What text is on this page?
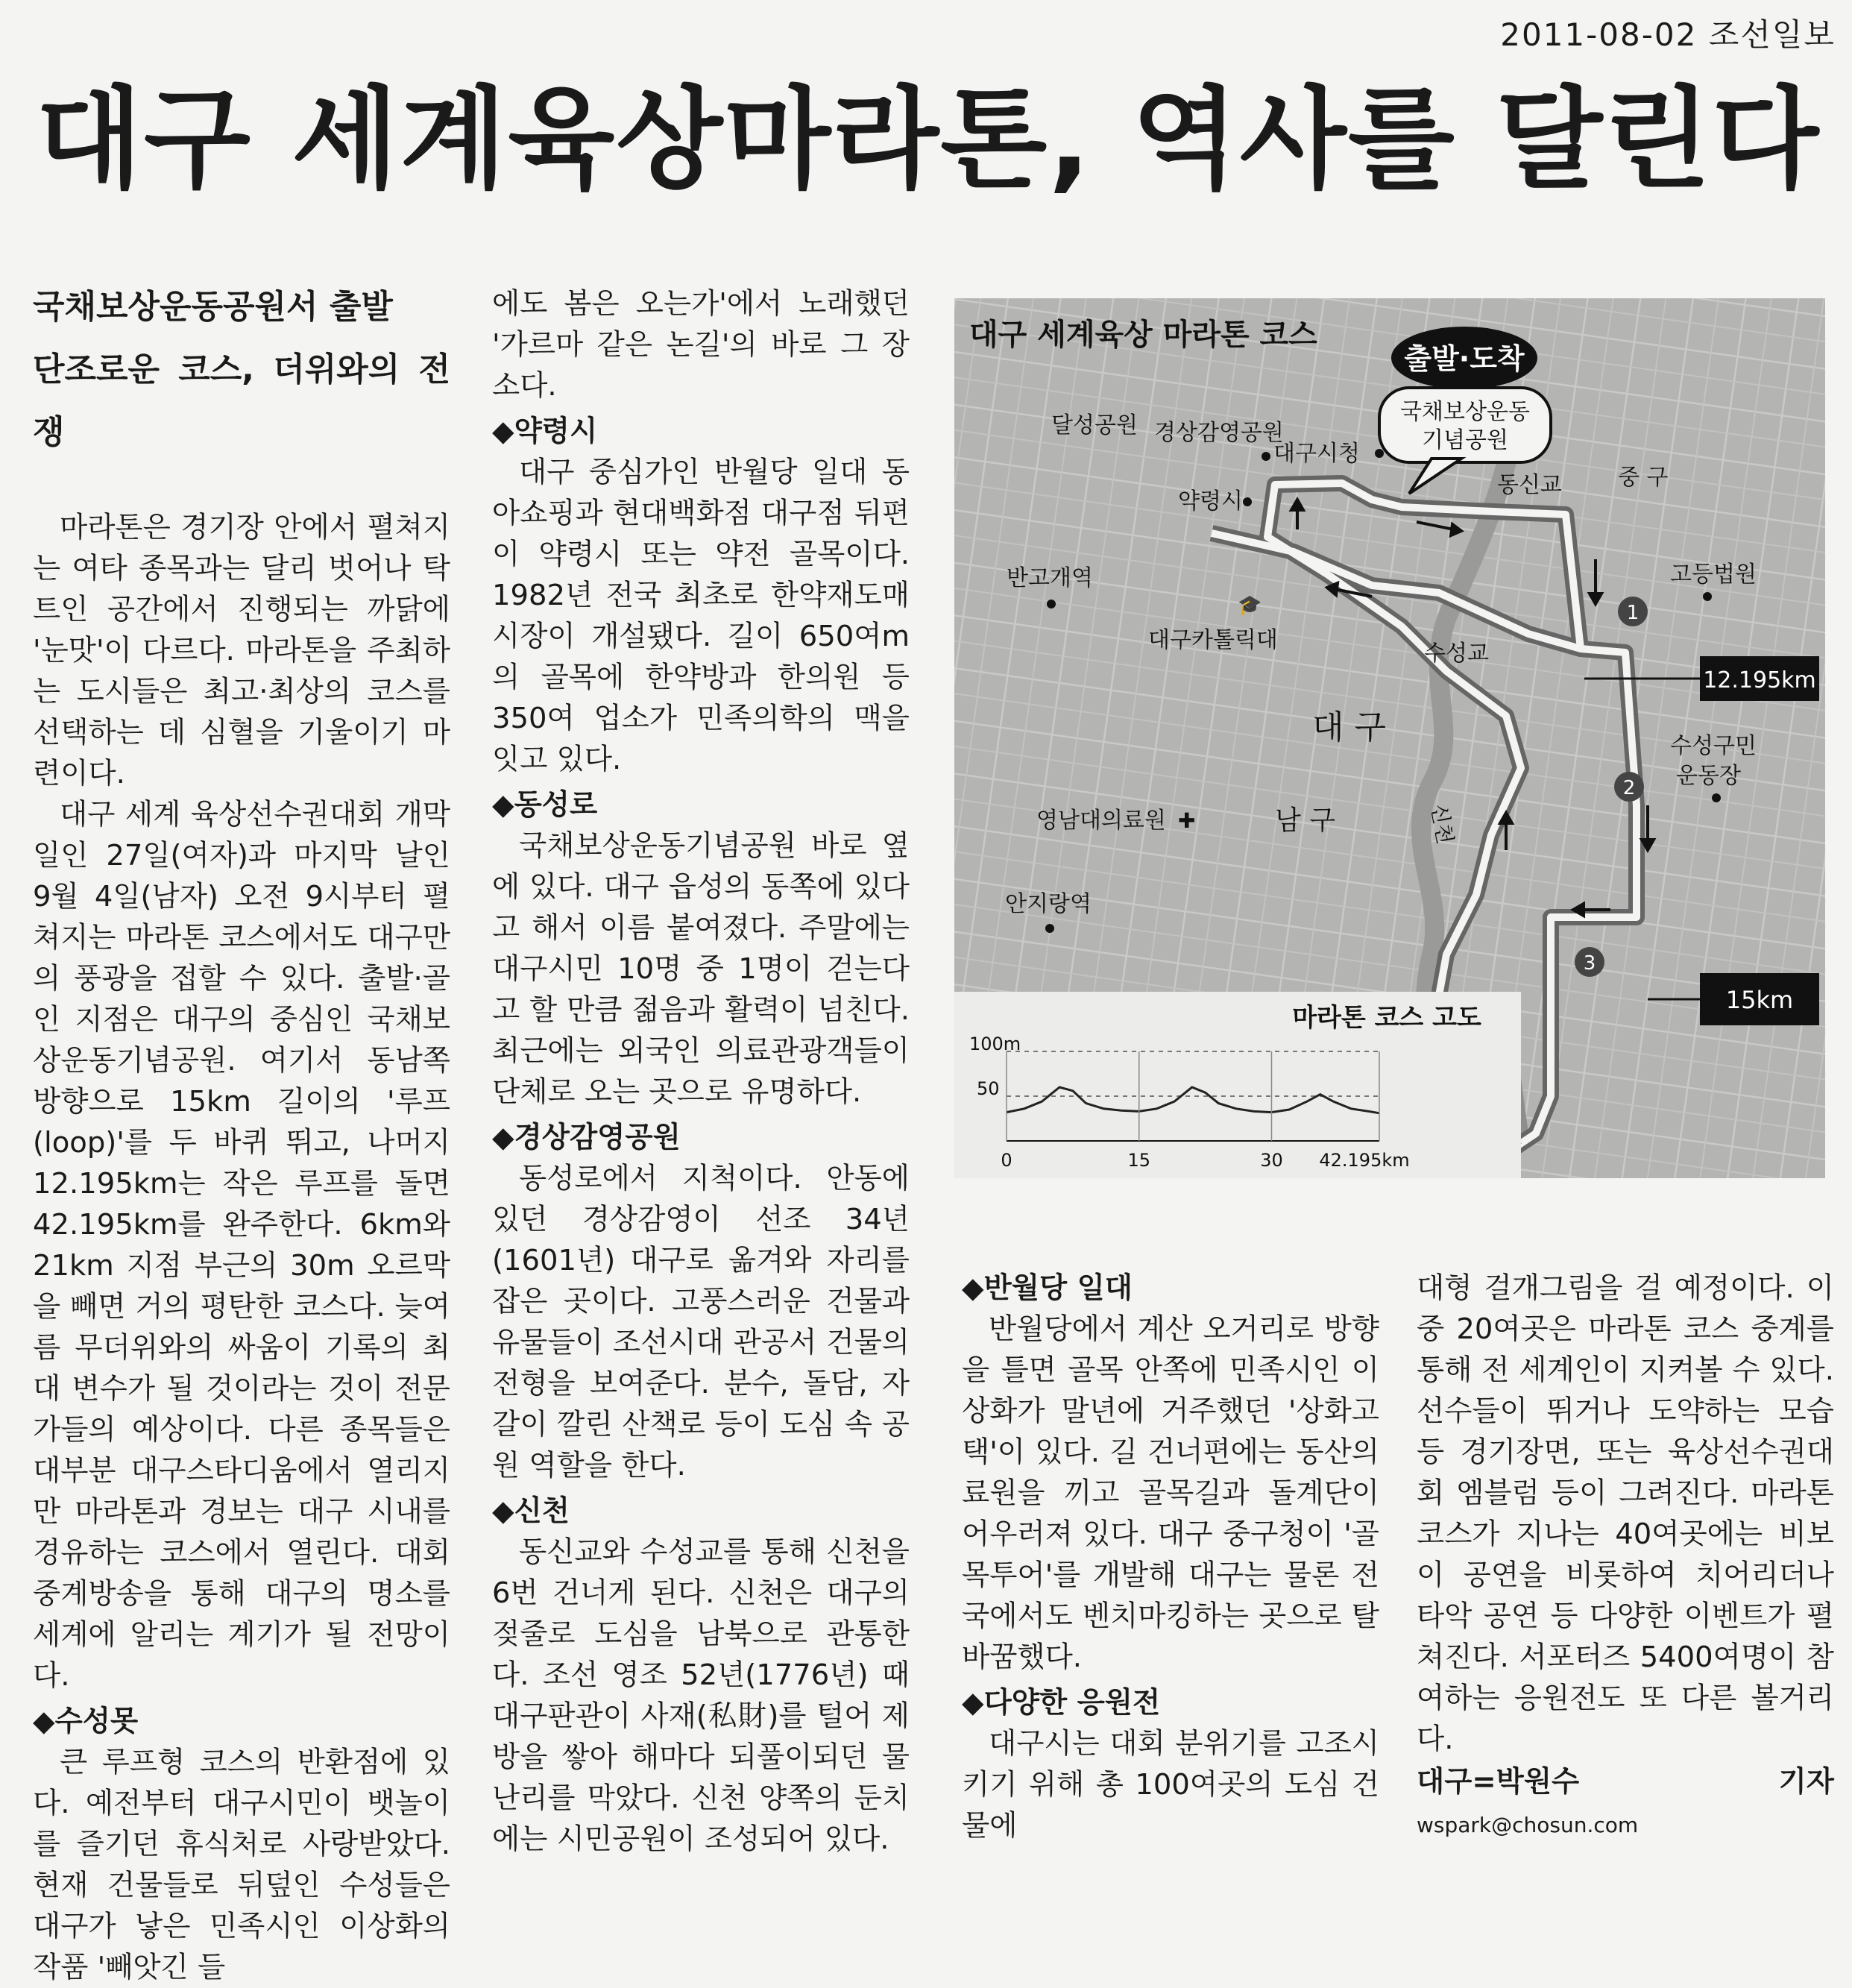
2011-08-02 조선일보
대구 세계육상마라톤, 역사를 달린다
국채보상운동공원서 출발
단조로운 코스, 더위와의 전쟁

마라톤은 경기장 안에서 펼쳐지는 여타 종목과는 달리 벗어나 탁 트인 공간에서 진행되는 까닭에 '눈맛'이 다르다. 마라톤을 주최하는 도시들은 최고·최상의 코스를 선택하는 데 심혈을 기울이기 마련이다.

대구 세계 육상선수권대회 개막일인 27일(여자)과 마지막 날인 9월 4일(남자) 오전 9시부터 펼쳐지는 마라톤 코스에서도 대구만의 풍광을 접할 수 있다. 출발·골인 지점은 대구의 중심인 국채보상운동기념공원. 여기서 동남쪽 방향으로 15km 길이의 '루프(loop)'를 두 바퀴 뛰고, 나머지 12.195km는 작은 루프를 돌면 42.195km를 완주한다. 6km와 21km 지점 부근의 30m 오르막을 빼면 거의 평탄한 코스다. 늦여름 무더위와의 싸움이 기록의 최대 변수가 될 것이라는 것이 전문가들의 예상이다. 다른 종목들은 대부분 대구스타디움에서 열리지만 마라톤과 경보는 대구 시내를 경유하는 코스에서 열린다. 대회 중계방송을 통해 대구의 명소를 세계에 알리는 계기가 될 전망이다.

◆수성못

큰 루프형 코스의 반환점에 있다. 예전부터 대구시민이 뱃놀이를 즐기던 휴식처로 사랑받았다. 현재 건물들로 뒤덮인 수성들은 대구가 낳은 민족시인 이상화의 작품 '빼앗긴 들

에도 봄은 오는가'에서 노래했던 '가르마 같은 논길'의 바로 그 장소다.

◆약령시

대구 중심가인 반월당 일대 동아쇼핑과 현대백화점 대구점 뒤편이 약령시 또는 약전 골목이다. 1982년 전국 최초로 한약재도매시장이 개설됐다. 길이 650여m의 골목에 한약방과 한의원 등 350여 업소가 민족의학의 맥을 잇고 있다.

◆동성로

국채보상운동기념공원 바로 옆에 있다. 대구 읍성의 동쪽에 있다고 해서 이름 붙여졌다. 주말에는 대구시민 10명 중 1명이 걷는다고 할 만큼 젊음과 활력이 넘친다. 최근에는 외국인 의료관광객들이 단체로 오는 곳으로 유명하다.

◆경상감영공원

동성로에서 지척이다. 안동에 있던 경상감영이 선조 34년(1601년) 대구로 옮겨와 자리를 잡은 곳이다. 고풍스러운 건물과 유물들이 조선시대 관공서 건물의 전형을 보여준다. 분수, 돌담, 자갈이 깔린 산책로 등이 도심 속 공원 역할을 한다.

◆신천

동신교와 수성교를 통해 신천을 6번 건너게 된다. 신천은 대구의 젖줄로 도심을 남북으로 관통한다. 조선 영조 52년(1776년) 때 대구판관이 사재(私財)를 털어 제방을 쌓아 해마다 되풀이되던 물난리를 막았다. 신천 양쪽의 둔치에는 시민공원이 조성되어 있다.

◆반월당 일대

반월당에서 계산 오거리로 방향을 틀면 골목 안쪽에 민족시인 이상화가 말년에 거주했던 '상화고택'이 있다. 길 건너편에는 동산의료원을 끼고 골목길과 돌계단이 어우러져 있다. 대구 중구청이 '골목투어'를 개발해 대구는 물론 전국에서도 벤치마킹하는 곳으로 탈바꿈했다.

◆다양한 응원전

대구시는 대회 분위기를 고조시키기 위해 총 100여곳의 도심 건물에

대형 걸개그림을 걸 예정이다. 이 중 20여곳은 마라톤 코스 중계를 통해 전 세계인이 지켜볼 수 있다. 선수들이 뛰거나 도약하는 모습 등 경기장면, 또는 육상선수권대회 엠블럼 등이 그려진다. 마라톤 코스가 지나는 40여곳에는 비보이 공연을 비롯하여 치어리더나 타악 공연 등 다양한 이벤트가 펼쳐진다. 서포터즈 5400여명이 참여하는 응원전도 또 다른 볼거리다.

대구=박원수 기자 wspark@chosun.com
대구 세계육상 마라톤 코스
출발·도착
국채보상운동
기념공원
달성공원 경상감영공원
대구시청
약령시
동신교	중 구
반고개역
🎓
대구카톨릭대
고등법원
수성교
대 구
신천
수성구민
운동장
영남대의료원 ✚	남 구
안지랑역
1
2
3
12.195km
15km
마라톤 코스 고도
100m
50
0	15	30 42.195km
